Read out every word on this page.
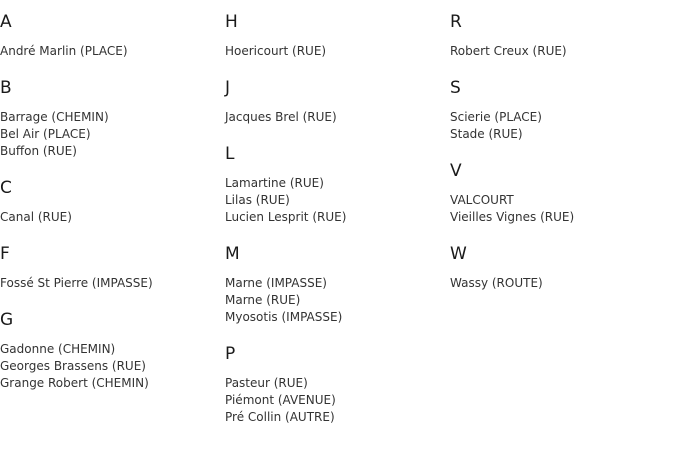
A
André Marlin (PLACE)
B
Barrage (CHEMIN)
Bel Air (PLACE)
Buffon (RUE)
C
Canal (RUE)
F
Fossé St Pierre (IMPASSE)
G
Gadonne (CHEMIN)
Georges Brassens (RUE)
Grange Robert (CHEMIN)
H
Hoericourt (RUE)
J
Jacques Brel (RUE)
L
Lamartine (RUE)
Lilas (RUE)
Lucien Lesprit (RUE)
M
Marne (IMPASSE)
Marne (RUE)
Myosotis (IMPASSE)
P
Pasteur (RUE)
Piémont (AVENUE)
Pré Collin (AUTRE)
R
Robert Creux (RUE)
S
Scierie (PLACE)
Stade (RUE)
V
VALCOURT
Vieilles Vignes (RUE)
W
Wassy (ROUTE)
